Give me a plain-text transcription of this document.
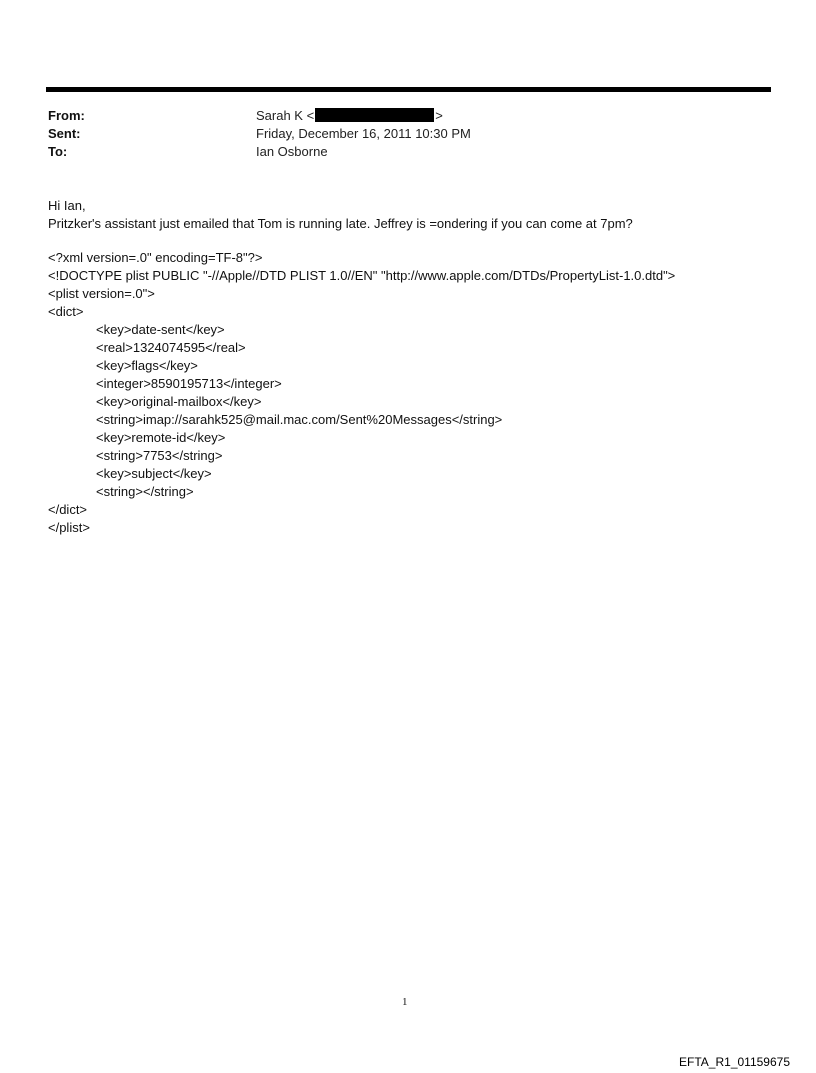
From:	Sarah K <	>
Sent:	Friday, December 16, 2011 10:30 PM
To:	Ian Osborne
Hi Ian,
Pritzker's assistant just emailed that Tom is running late. Jeffrey is =ondering if you can come at 7pm?
<?xml version=.0" encoding=TF-8"?>
<!DOCTYPE plist PUBLIC "-//Apple//DTD PLIST 1.0//EN" "http://www.apple.com/DTDs/PropertyList-1.0.dtd">
<plist version=.0">
<dict>
<key>date-sent</key>
<real>1324074595</real>
<key>flags</key>
<integer>8590195713</integer>
<key>original-mailbox</key>
<string>imap://sarahk525@mail.mac.com/Sent%20Messages</string>
<key>remote-id</key>
<string>7753</string>
<key>subject</key>
<string></string>
</dict>
</plist>
1
EFTA_R1_01159675
